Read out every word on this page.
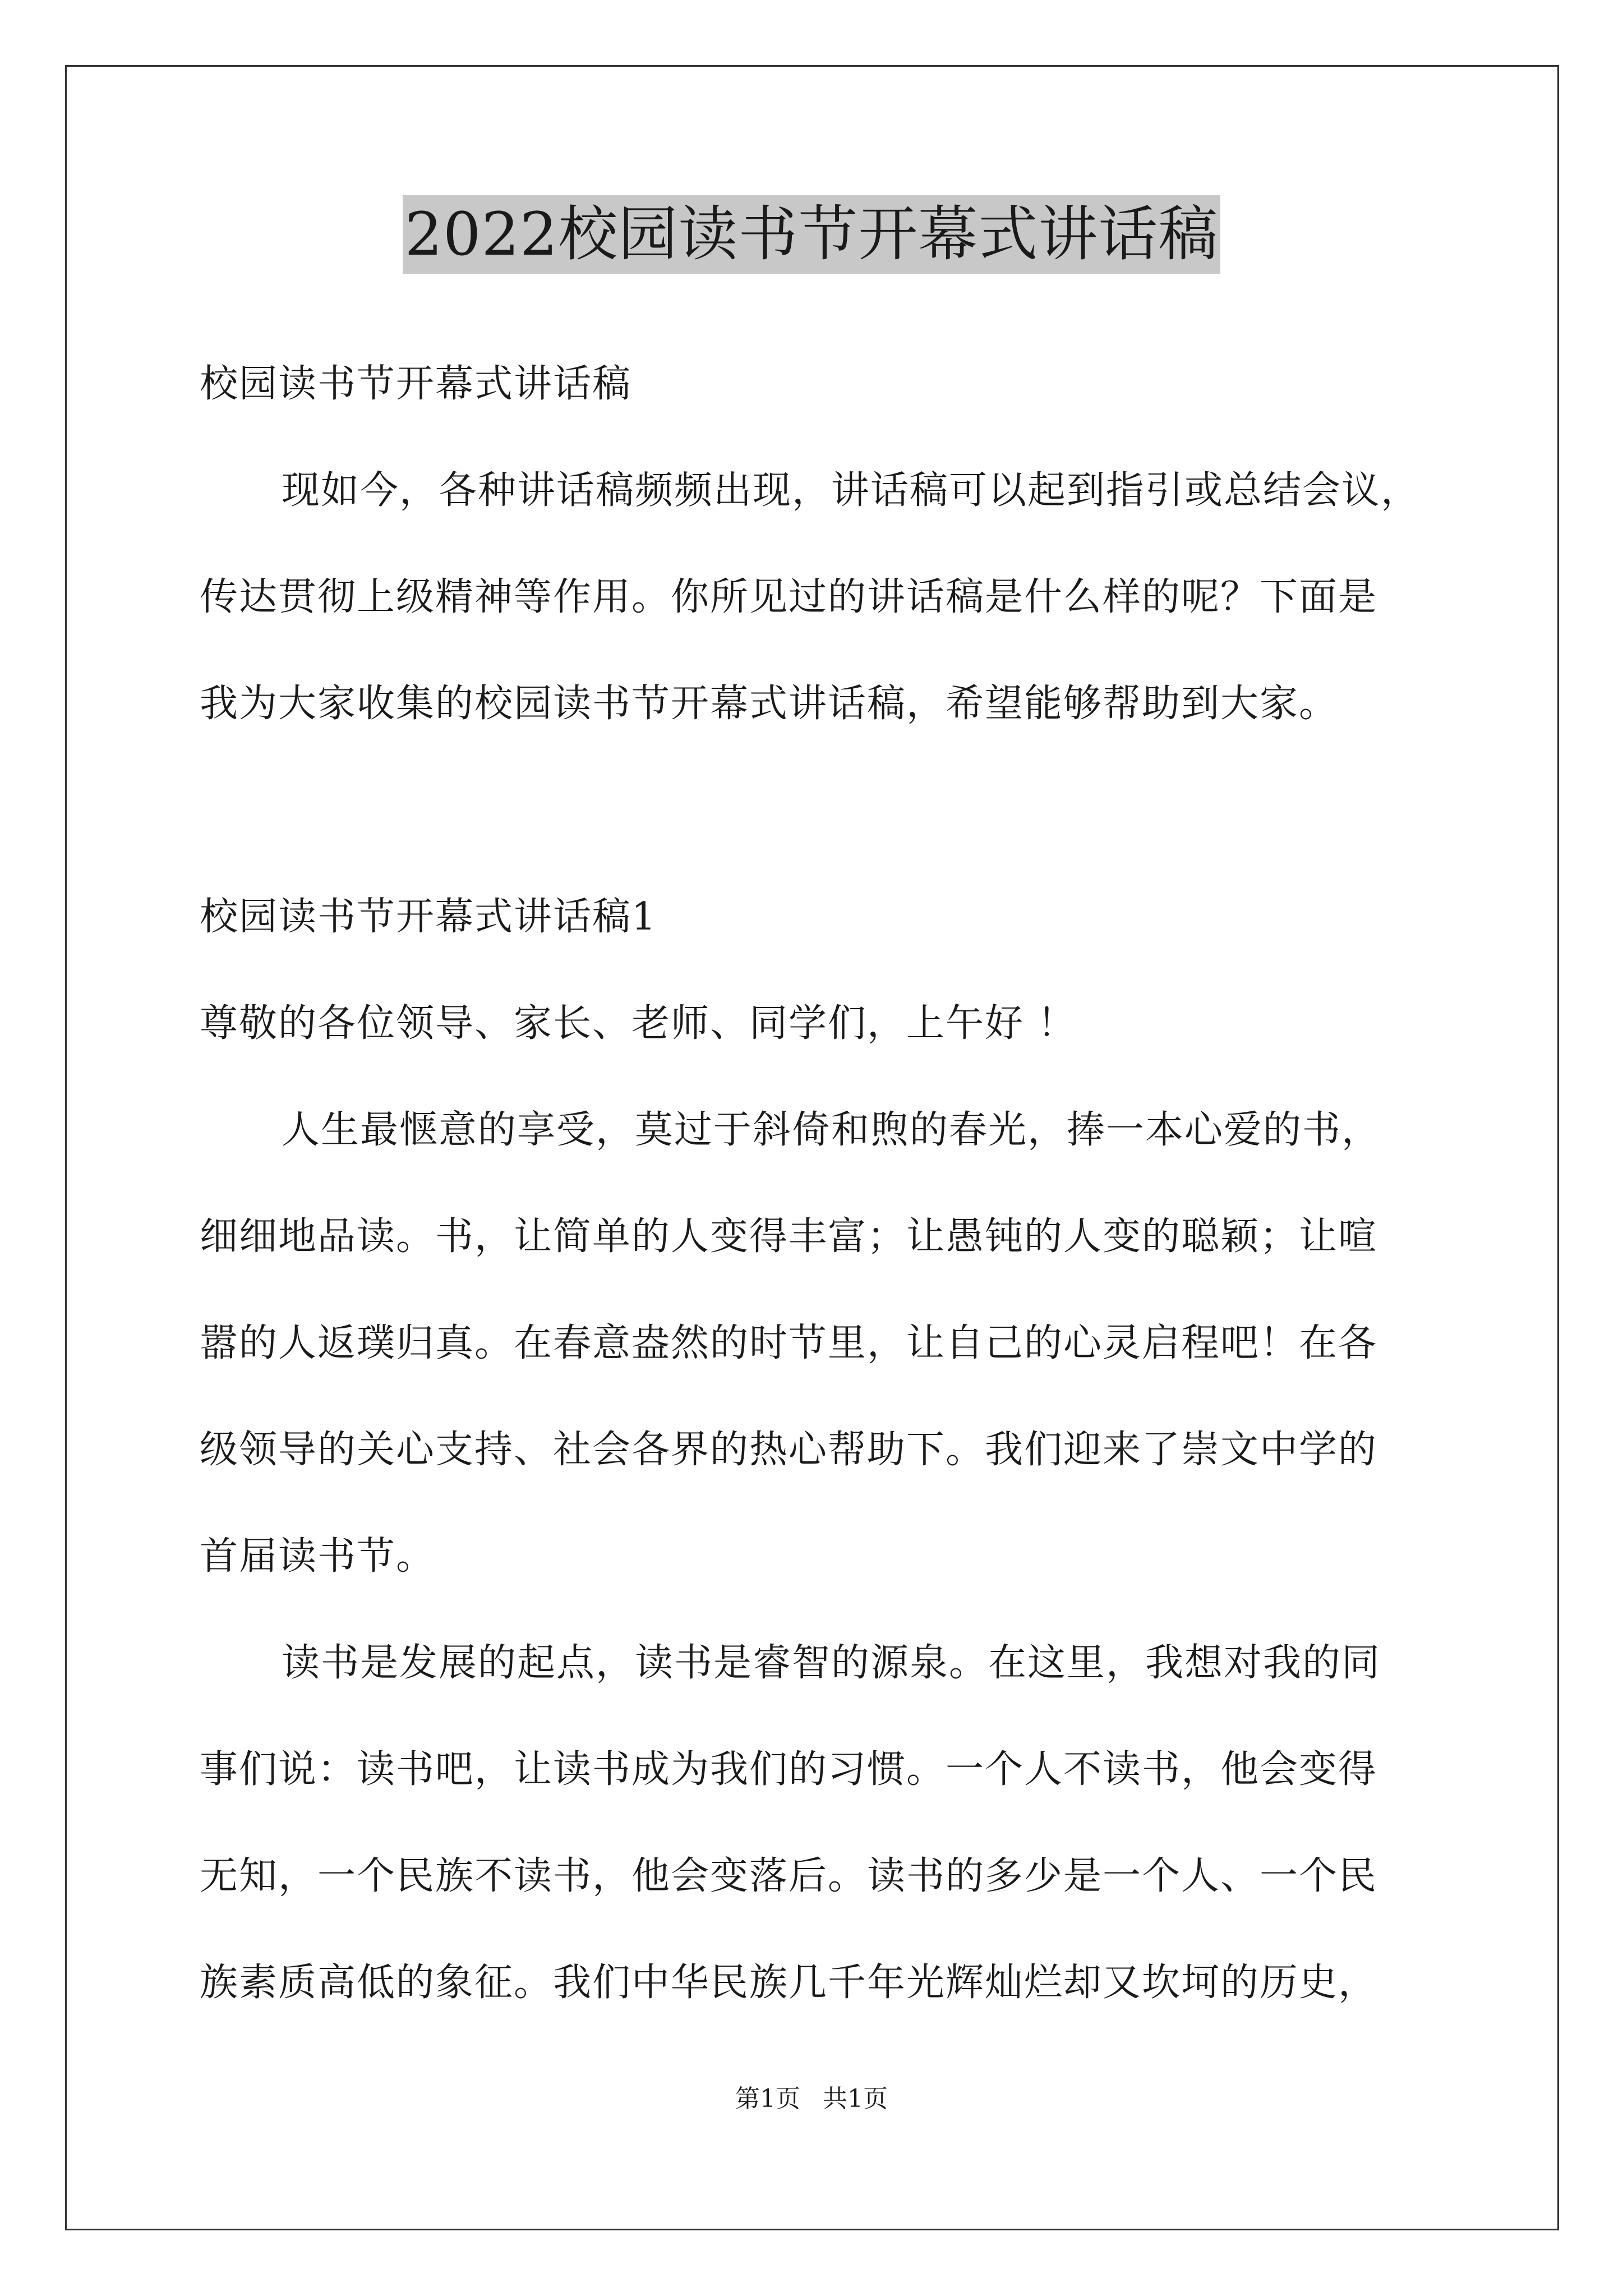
2022校园读书节开幕式讲话稿
校园读书节开幕式讲话稿
现如今，各种讲话稿频频出现，讲话稿可以起到指引或总结会议，
传达贯彻上级精神等作用。你所见过的讲话稿是什么样的呢？下面是
我为大家收集的校园读书节开幕式讲话稿，希望能够帮助到大家。
校园读书节开幕式讲话稿1
尊敬的各位领导、家长、老师、同学们，上午好 ！
人生最惬意的享受，莫过于斜倚和煦的春光，捧一本心爱的书，
细细地品读。书，让简单的人变得丰富；让愚钝的人变的聪颖；让喧
嚣的人返璞归真。在春意盎然的时节里，让自己的心灵启程吧！在各
级领导的关心支持、社会各界的热心帮助下。我们迎来了崇文中学的
首届读书节。
读书是发展的起点，读书是睿智的源泉。在这里，我想对我的同
事们说：读书吧，让读书成为我们的习惯。一个人不读书，他会变得
无知，一个民族不读书，他会变落后。读书的多少是一个人、一个民
族素质高低的象征。我们中华民族几千年光辉灿烂却又坎坷的历史，
第1页 共1页
